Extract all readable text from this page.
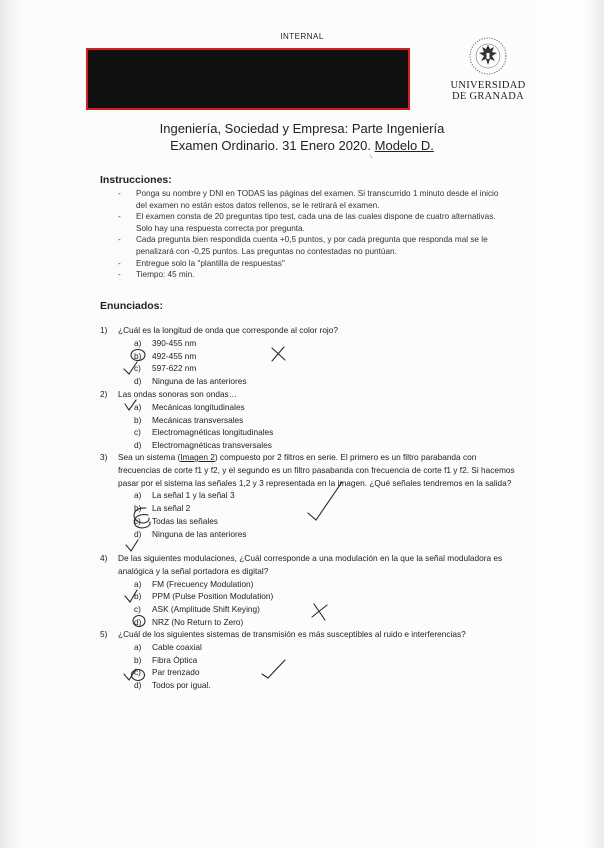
INTERNAL
UNIVERSIDAD
DE GRANADA
Ingeniería, Sociedad y Empresa: Parte Ingeniería
Examen Ordinario. 31 Enero 2020. Modelo D.
Instrucciones:
- Ponga su nombre y DNI en TODAS las páginas del examen. Si transcurrido 1 minuto desde el inicio del examen no están estos datos rellenos, se le retirará el examen.
- El examen consta de 20 preguntas tipo test, cada una de las cuales dispone de cuatro alternativas. Solo hay una respuesta correcta por pregunta.
- Cada pregunta bien respondida cuenta +0,5 puntos, y por cada pregunta que responda mal se le penalizará con -0,25 puntos. Las preguntas no contestadas no puntúan.
- Entregue solo la "plantilla de respuestas"
- Tiempo: 45 min.
Enunciados:
1) ¿Cuál es la longitud de onda que corresponde al color rojo?
a) 390-455 nm
b) 492-455 nm
c) 597-622 nm
d) Ninguna de las anteriores
2) Las ondas sonoras son ondas…
a) Mecánicas longitudinales
b) Mecánicas transversales
c) Electromagnéticas longitudinales
d) Electromagnéticas transversales
3) Sea un sistema (Imagen 2) compuesto por 2 filtros en serie. El primero es un filtro parabanda con frecuencias de corte f1 y f2, y el segundo es un filtro pasabanda con frecuencia de corte f1 y f2. Si hacemos pasar por el sistema las señales 1,2 y 3 representada en la imagen. ¿Qué señales tendremos en la salida?
a) La señal 1 y la señal 3
b) La señal 2
c) Todas las señales
d) Ninguna de las anteriores
4) De las siguientes modulaciones, ¿Cuál corresponde a una modulación en la que la señal moduladora es analógica y la señal portadora es digital?
a) FM (Frecuency Modulation)
b) PPM (Pulse Position Modulation)
c) ASK (Amplitude Shift Keying)
d) NRZ (No Return to Zero)
5) ¿Cuál de los siguientes sistemas de transmisión es más susceptibles al ruido e interferencias?
a) Cable coaxial
b) Fibra Óptica
c) Par trenzado
d) Todos por igual.
